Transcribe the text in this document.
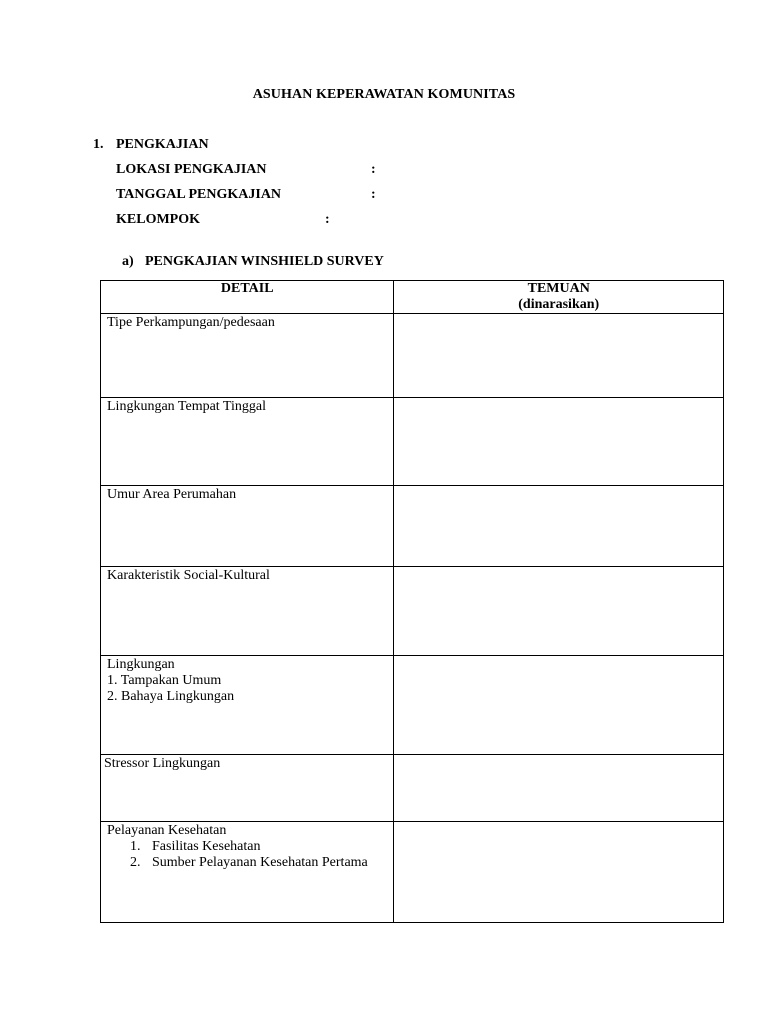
ASUHAN KEPERAWATAN KOMUNITAS
1. PENGKAJIAN
LOKASI PENGKAJIAN	:
TANGGAL PENGKAJIAN	:
KELOMPOK	:
a) PENGKAJIAN WINSHIELD SURVEY
DETAIL	TEMUAN
(dinarasikan)

Tipe Perkampungan/pedesaan	

Lingkungan Tempat Tinggal	

Umur Area Perumahan	

Karakteristik Social-Kultural	

Lingkungan
1. Tampakan Umum
2. Bahaya Lingkungan	

Stressor Lingkungan	

Pelayanan Kesehatan
1. Fasilitas Kesehatan
2. Sumber Pelayanan Kesehatan Pertama	
